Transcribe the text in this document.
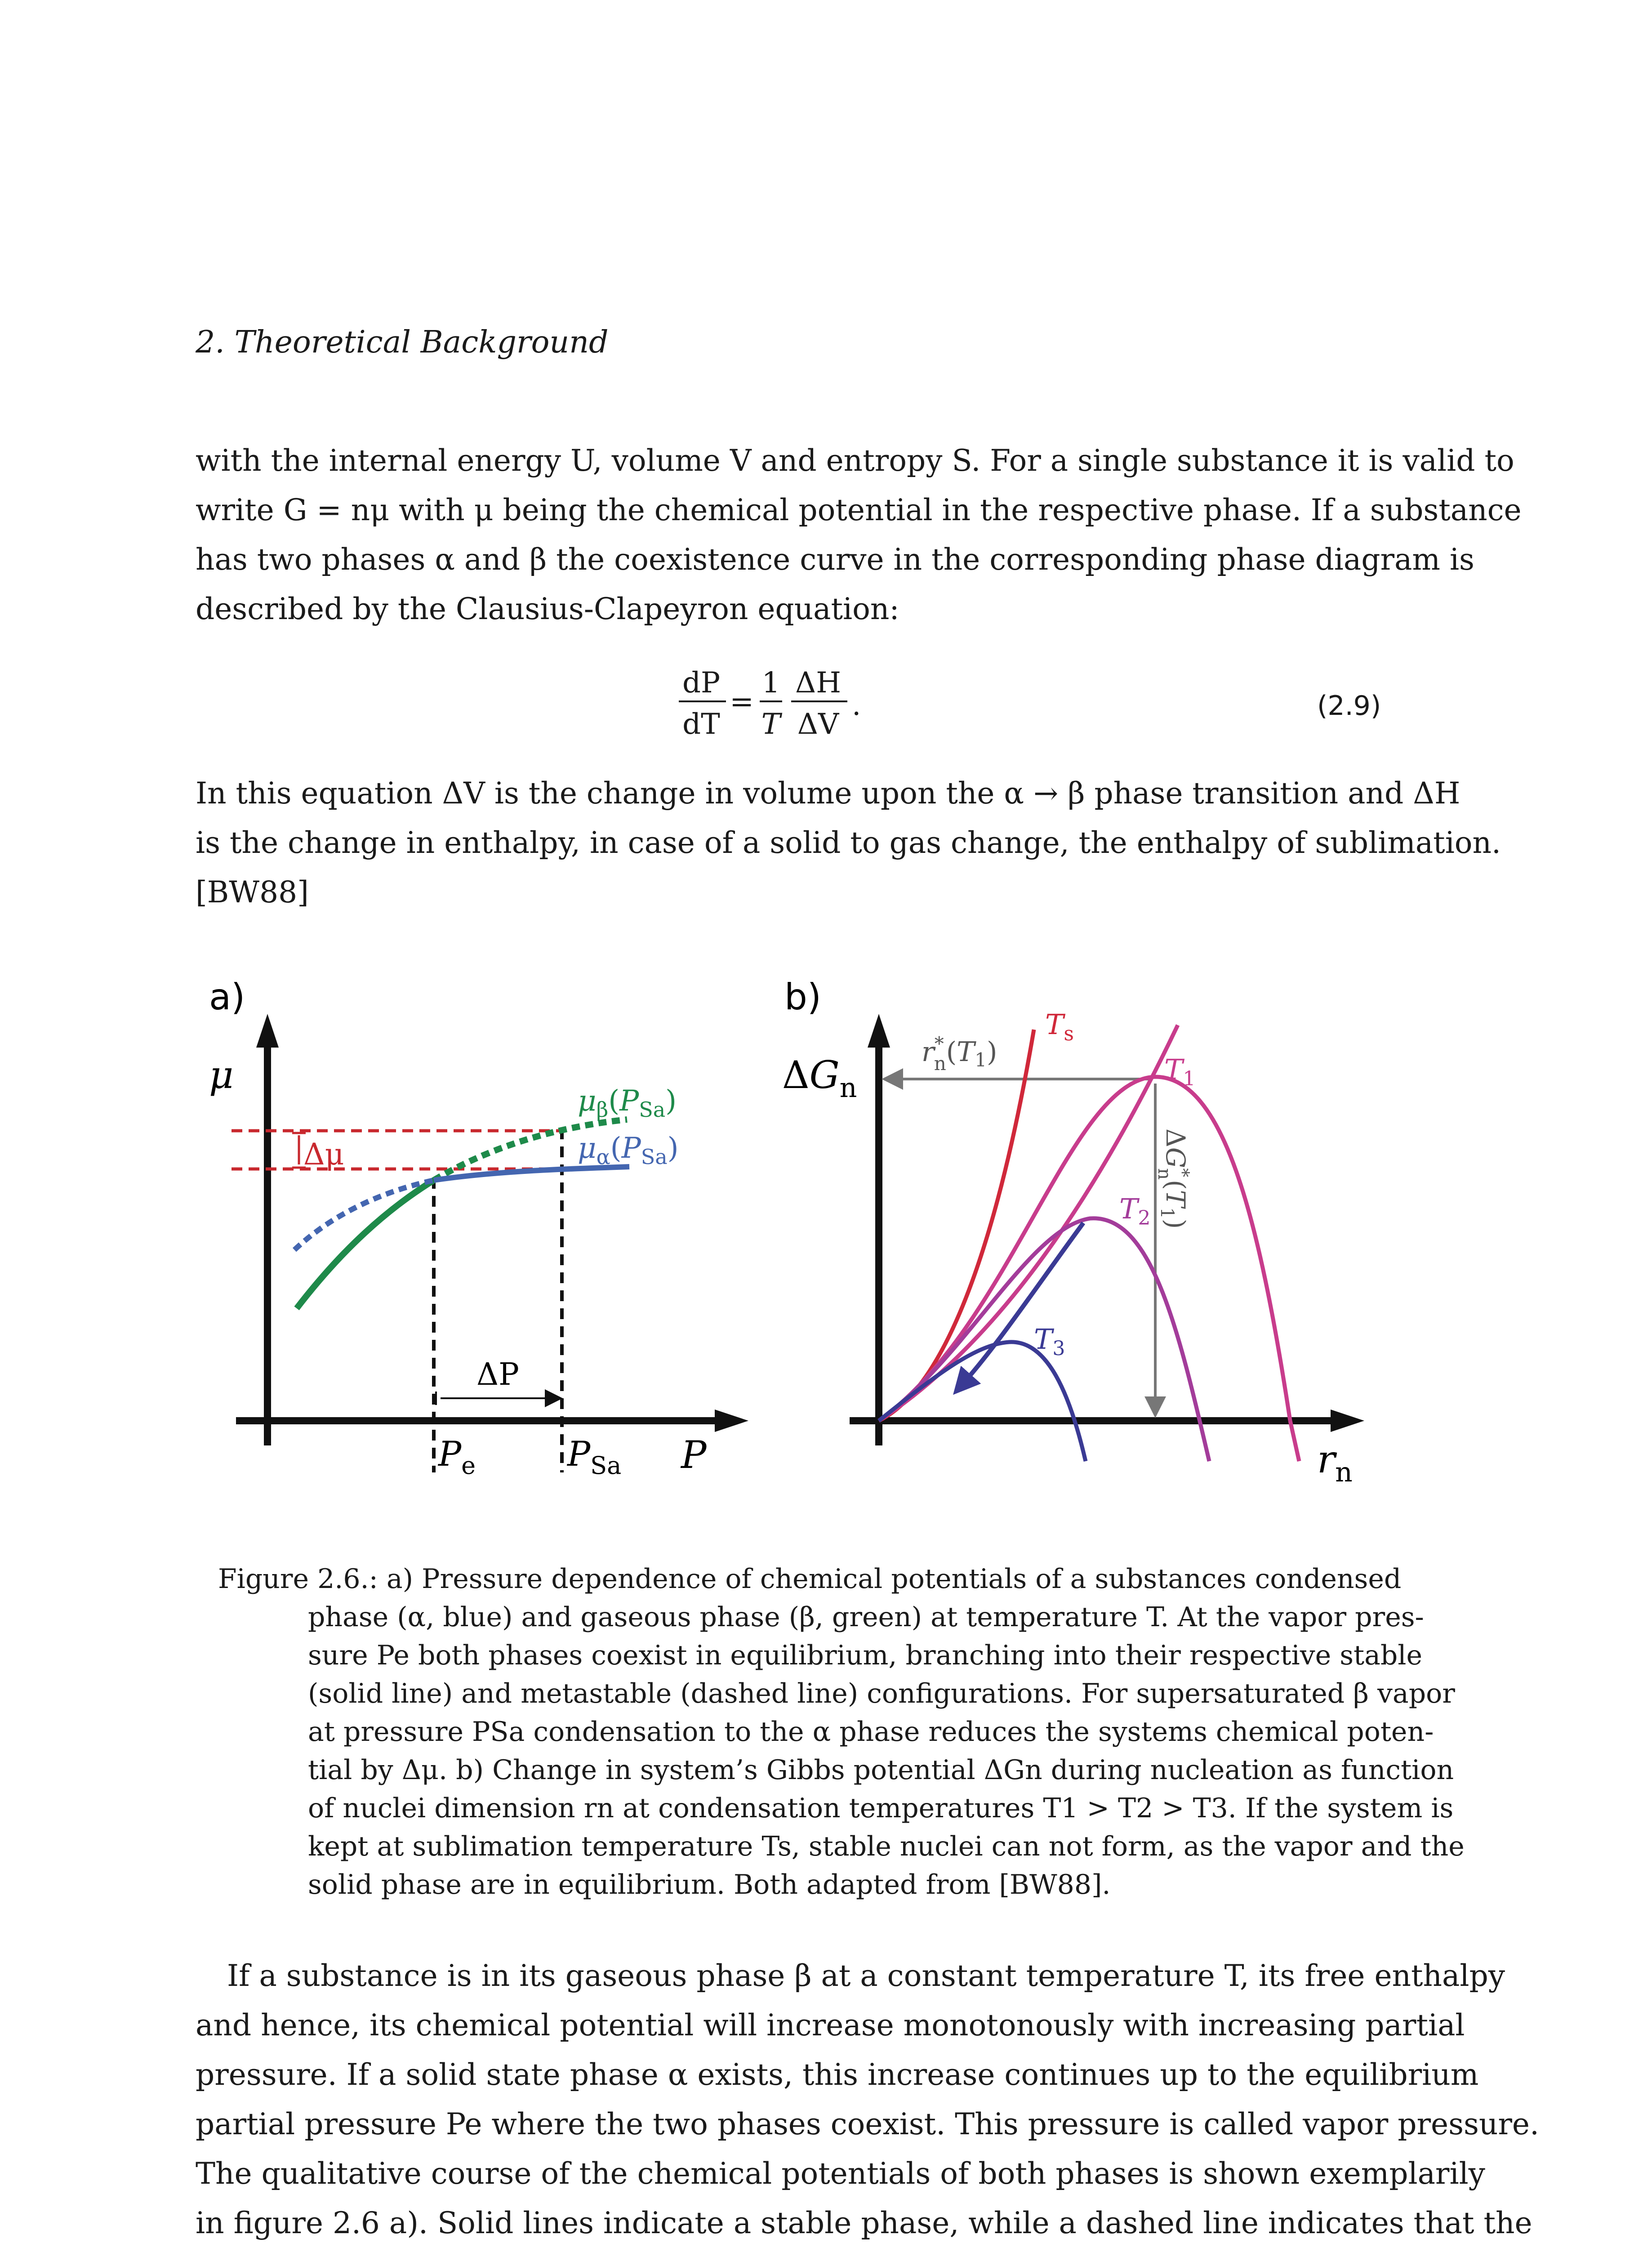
2. Theoretical Background
with the internal energy U, volume V and entropy S. For a single substance it is valid to
write G = nμ with μ being the chemical potential in the respective phase. If a substance
has two phases α and β the coexistence curve in the corresponding phase diagram is
described by the Clausius-Clapeyron equation:
dP
dT
=
1
T
ΔH
ΔV
.	(2.9)
In this equation ΔV is the change in volume upon the α → β phase transition and ΔH
is the change in enthalpy, in case of a solid to gas change, the enthalpy of sublimation.
[BW88]
a)
μ
P
Δμ
ΔP
$P_e$	$P_{Sa}$
$\mu_\beta(P_{Sa})$
$\mu_\alpha(P_{Sa})$
b)
$\Delta G_n$
$r_n$
r* $n(T_1)$
$\Delta G^*n(T_1)$
$T_s$
$T_1$
$T_2$
$T_3$
Figure 2.6.: a) Pressure dependence of chemical potentials of a substances condensed
phase (α, blue) and gaseous phase (β, green) at temperature T. At the vapor pres-
sure Pe both phases coexist in equilibrium, branching into their respective stable
(solid line) and metastable (dashed line) configurations. For supersaturated β vapor
at pressure PSa condensation to the α phase reduces the systems chemical poten-
tial by Δμ. b) Change in system’s Gibbs potential ΔGn during nucleation as function
of nuclei dimension rn at condensation temperatures T1 > T2 > T3. If the system is
kept at sublimation temperature Ts, stable nuclei can not form, as the vapor and the
solid phase are in equilibrium. Both adapted from [BW88].
If a substance is in its gaseous phase β at a constant temperature T, its free enthalpy
and hence, its chemical potential will increase monotonously with increasing partial
pressure. If a solid state phase α exists, this increase continues up to the equilibrium
partial pressure Pe where the two phases coexist. This pressure is called vapor pressure.
The qualitative course of the chemical potentials of both phases is shown exemplarily
in figure 2.6 a). Solid lines indicate a stable phase, while a dashed line indicates that the
